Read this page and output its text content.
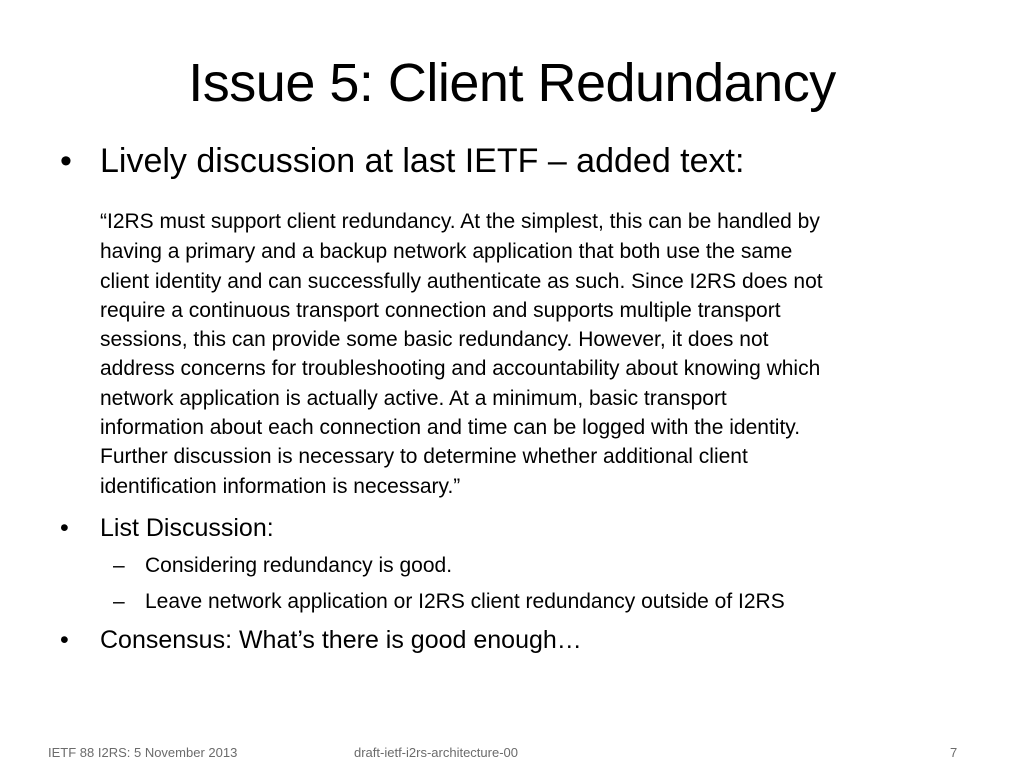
Issue 5: Client Redundancy
• Lively discussion at last IETF – added text:
“I2RS must support client redundancy. At the simplest, this can be handled by
having a primary and a backup network application that both use the same
client identity and can successfully authenticate as such. Since I2RS does not
require a continuous transport connection and supports multiple transport
sessions, this can provide some basic redundancy. However, it does not
address concerns for troubleshooting and accountability about knowing which
network application is actually active. At a minimum, basic transport
information about each connection and time can be logged with the identity.
Further discussion is necessary to determine whether additional client
identification information is necessary.”
• List Discussion:
– Considering redundancy is good.
– Leave network application or I2RS client redundancy outside of I2RS
• Consensus: What’s there is good enough…
IETF 88 I2RS: 5 November 2013	draft-ietf-i2rs-architecture-00	7
